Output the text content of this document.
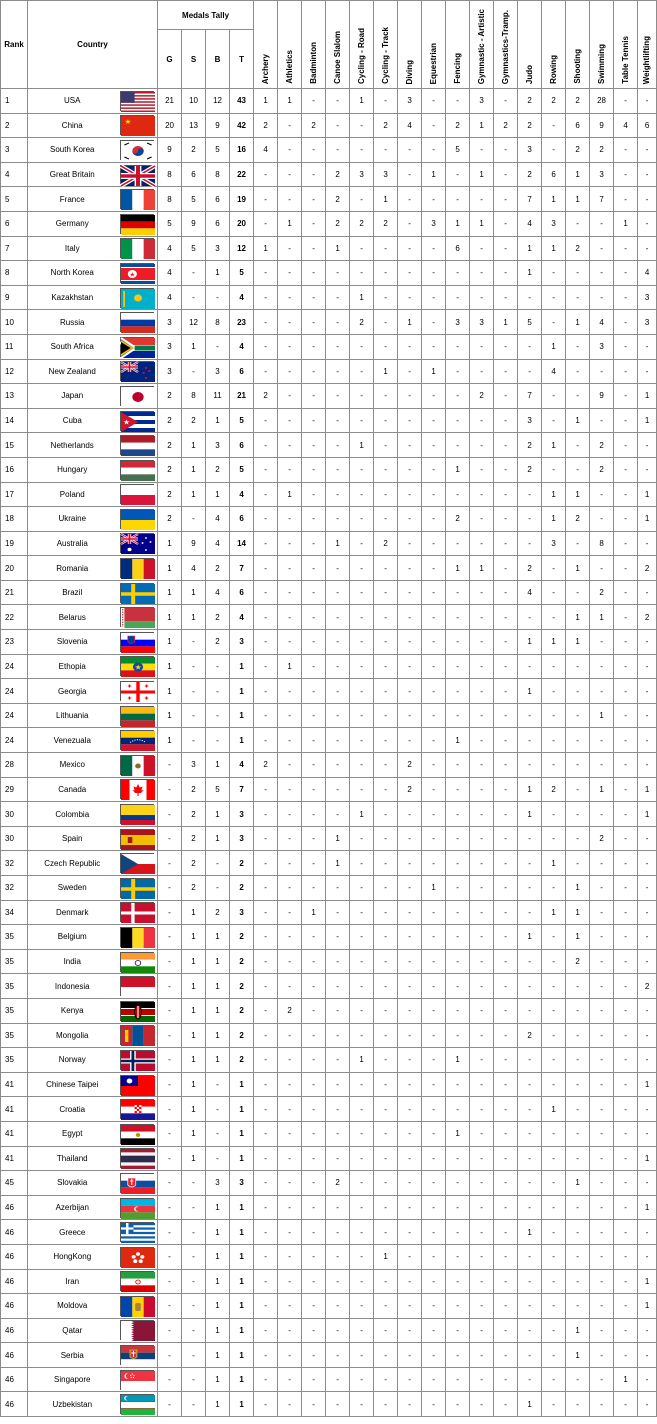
Rank	Country		Medals Tally				Archery	Athletics	Badminton	Canoe Slalom	Cycling - Road	Cycling - Track	Diving	Equestrian	Fencing	Gymnastic - Artistic	Gymnastics-Tramp.	Judo	Rowing	Shooting	Swimming	Table Tennis	Weightlifting
			G	S	B	T																	
1	USA		21	10	12	43	1	1	-	-	1	-	3	-	-	3	-	2	2	2	28	-	-
2	China	★	20	13	9	42	2	-	2	-	-	2	4	-	2	1	2	2	-	6	9	4	6
3	South Korea		9	2	5	16	4	-	-	-	-	-	-	-	5	-	-	3	-	2	2	-	-
4	Great Britain		8	6	8	22	-	-	-	2	3	3	-	1	-	1	-	2	6	1	3	-	-
5	France		8	5	6	19	-	-	-	2	-	1	-	-	-	-	-	7	1	1	7	-	-
6	Germany		5	9	6	20	-	1	-	2	2	2	-	3	1	1	-	4	3	-	-	1	-
7	Italy		4	5	3	12	1	-	-	1	-	-	-	-	6	-	-	1	1	2	-	-	-
8	North Korea	★	4	-	1	5	-	-	-	-	-	-	-	-	-	-	-	1	-	-	-	-	4
9	Kazakhstan		4	-	-	4	-	-	-	-	1	-	-	-	-	-	-	-	-	-	-	-	3
10	Russia		3	12	8	23	-	-	-	-	2	-	1	-	3	3	1	5	-	1	4	-	3
11	South Africa		3	1	-	4	-	-	-	-	-	-	-	-	-	-	-	-	1	-	3	-	-
12	New Zealand		3	-	3	6	-	-	-	-	-	1	-	1	-	-	-	-	4	-	-	-	-
13	Japan		2	8	11	21	2	-	-	-	-	-	-	-	-	2	-	7	-	-	9	-	1
14	Cuba	★	2	2	1	5	-	-	-	-	-	-	-	-	-	-	-	3	-	1	-	-	1
15	Netherlands		2	1	3	6	-	-	-	-	1	-	-	-	-	-	-	2	1	-	2	-	-
16	Hungary		2	1	2	5	-	-	-	-	-	-	-	-	1	-	-	2	-	-	2	-	-
17	Poland		2	1	1	4	-	1	-	-	-	-	-	-	-	-	-	-	1	1	-	-	1
18	Ukraine		2	-	4	6	-	-	-	-	-	-	-	-	2	-	-	-	1	2	-	-	1
19	Australia		1	9	4	14	-	-	-	1	-	2	-	-	-	-	-	-	3	-	8	-	-
20	Romania		1	4	2	7	-	-	-	-	-	-	-	-	1	1	-	2	-	1	-	-	2
21	Brazil		1	1	4	6	-	-	-	-	-	-	-	-	-	-	-	4	-	-	2	-	-
22	Belarus		1	1	2	4	-	-	-	-	-	-	-	-	-	-	-	-	-	1	1	-	2
23	Slovenia		1	-	2	3	-	-	-	-	-	-	-	-	-	-	-	1	1	1	-	-	-
24	Ethopia	★	1	-	-	1	-	1	-	-	-	-	-	-	-	-	-	-	-	-	-	-	-
24	Georgia		1	-	-	1	-	-	-	-	-	-	-	-	-	-	-	1	-	-	-	-	-
24	Lithuania		1	-	-	1	-	-	-	-	-	-	-	-	-	-	-	-	-	-	1	-	-
24	Venezuala		1	-	-	1	-	-	-	-	-	-	-	-	1	-	-	-	-	-	-	-	-
28	Mexico		-	3	1	4	2	-	-	-	-	-	2	-	-	-	-	-	-	-	-	-	-
29	Canada		-	2	5	7	-	-	-	-	-	-	2	-	-	-	-	1	2	-	1	-	1
30	Colombia		-	2	1	3	-	-	-	-	1	-	-	-	-	-	-	1	-	-	-	-	1
30	Spain		-	2	1	3	-	-	-	1	-	-	-	-	-	-	-	-	-	-	2	-	-
32	Czech Republic		-	2	-	2	-	-	-	1	-	-	-	-	-	-	-	-	1	-	-	-	-
32	Sweden		-	2	-	2	-	-	-	-	-	-	-	1	-	-	-	-	-	1	-	-	-
34	Denmark		-	1	2	3	-	-	1	-	-	-	-	-	-	-	-	-	1	1	-	-	-
35	Belgium		-	1	1	2	-	-	-	-	-	-	-	-	-	-	-	1	-	1	-	-	-
35	India		-	1	1	2	-	-	-	-	-	-	-	-	-	-	-	-	-	2	-	-	-
35	Indonesia		-	1	1	2	-	-	-	-	-	-	-	-	-	-	-	-	-	-	-	-	2
35	Kenya		-	1	1	2	-	2	-	-	-	-	-	-	-	-	-	-	-	-	-	-	-
35	Mongolia		-	1	1	2	-	-	-	-	-	-	-	-	-	-	-	2	-	-	-	-	-
35	Norway		-	1	1	2	-	-	-	-	1	-	-	-	1	-	-	-	-	-	-	-	-
41	Chinese Taipei		-	1	-	1	-	-	-	-	-	-	-	-	-	-	-	-	-	-	-	-	1
41	Croatia		-	1	-	1	-	-	-	-	-	-	-	-	-	-	-	-	1	-	-	-	-
41	Egypt		-	1	-	1	-	-	-	-	-	-	-	-	1	-	-	-	-	-	-	-	-
41	Thailand		-	1	-	1	-	-	-	-	-	-	-	-	-	-	-	-	-	-	-	-	1
45	Slovakia		-	-	3	3	-	-	-	2	-	-	-	-	-	-	-	-	-	1	-	-	-
46	Azerbijan		-	-	1	1	-	-	-	-	-	-	-	-	-	-	-	-	-	-	-	-	1
46	Greece		-	-	1	1	-	-	-	-	-	-	-	-	-	-	-	1	-	-	-	-	-
46	HongKong		-	-	1	1	-	-	-	-	-	1	-	-	-	-	-	-	-	-	-	-	-
46	Iran		-	-	1	1	-	-	-	-	-	-	-	-	-	-	-	-	-	-	-	-	1
46	Moldova		-	-	1	1	-	-	-	-	-	-	-	-	-	-	-	-	-	-	-	-	1
46	Qatar		-	-	1	1	-	-	-	-	-	-	-	-	-	-	-	-	-	1	-	-	-
46	Serbia		-	-	1	1	-	-	-	-	-	-	-	-	-	-	-	-	-	1	-	-	-
46	Singapore		-	-	1	1	-	-	-	-	-	-	-	-	-	-	-	-	-	-	-	1	-
46	Uzbekistan		-	-	1	1	-	-	-	-	-	-	-	-	-	-	-	1	-	-	-	-	-
